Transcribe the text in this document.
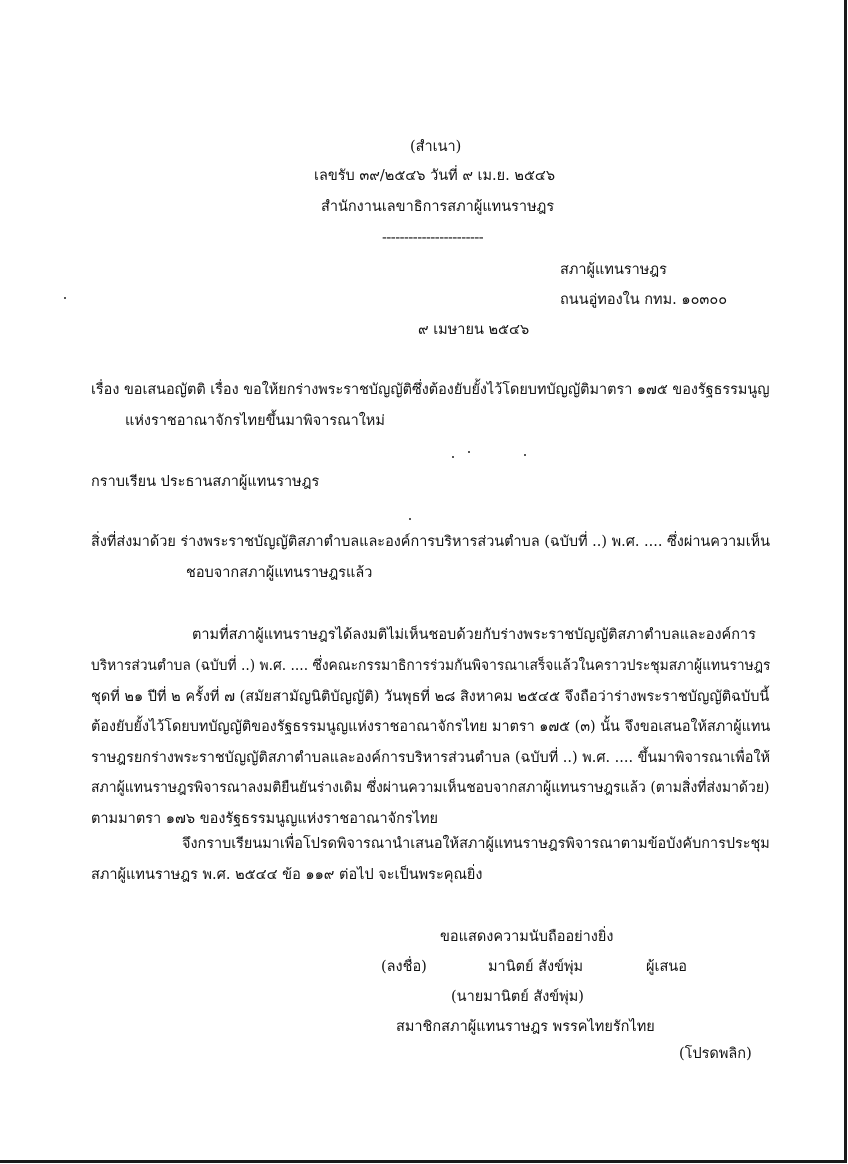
(สำเนา)
เลขรับ ๓๙/๒๕๔๖ วันที่ ๙ เม.ย. ๒๕๔๖
สำนักงานเลขาธิการสภาผู้แทนราษฎร
-----------------------
สภาผู้แทนราษฎร
ถนนอู่ทองใน กทม. ๑๐๓๐๐
๙ เมษายน ๒๕๔๖
เรื่อง ขอเสนอญัตติ เรื่อง ขอให้ยกร่างพระราชบัญญัติซึ่งต้องยับยั้งไว้โดยบทบัญญัติมาตรา ๑๗๕ ของรัฐธรรมนูญ
แห่งราชอาณาจักรไทยขึ้นมาพิจารณาใหม่
กราบเรียน ประธานสภาผู้แทนราษฎร
สิ่งที่ส่งมาด้วย ร่างพระราชบัญญัติสภาตำบลและองค์การบริหารส่วนตำบล (ฉบับที่ ..) พ.ศ. .... ซึ่งผ่านความเห็น
ชอบจากสภาผู้แทนราษฎรแล้ว
ตามที่สภาผู้แทนราษฎรได้ลงมติไม่เห็นชอบด้วยกับร่างพระราชบัญญัติสภาตำบลและองค์การ
บริหารส่วนตำบล (ฉบับที่ ..) พ.ศ. .... ซึ่งคณะกรรมาธิการร่วมกันพิจารณาเสร็จแล้วในคราวประชุมสภาผู้แทนราษฎร
ชุดที่ ๒๑ ปีที่ ๒ ครั้งที่ ๗ (สมัยสามัญนิติบัญญัติ) วันพุธที่ ๒๘ สิงหาคม ๒๕๔๕ จึงถือว่าร่างพระราชบัญญัติฉบับนี้
ต้องยับยั้งไว้โดยบทบัญญัติของรัฐธรรมนูญแห่งราชอาณาจักรไทย มาตรา ๑๗๕ (๓) นั้น จึงขอเสนอให้สภาผู้แทน
ราษฎรยกร่างพระราชบัญญัติสภาตำบลและองค์การบริหารส่วนตำบล (ฉบับที่ ..) พ.ศ. .... ขึ้นมาพิจารณาเพื่อให้
สภาผู้แทนราษฎรพิจารณาลงมติยืนยันร่างเดิม ซึ่งผ่านความเห็นชอบจากสภาผู้แทนราษฎรแล้ว (ตามสิ่งที่ส่งมาด้วย)
ตามมาตรา ๑๗๖ ของรัฐธรรมนูญแห่งราชอาณาจักรไทย
จึงกราบเรียนมาเพื่อโปรดพิจารณานำเสนอให้สภาผู้แทนราษฎรพิจารณาตามข้อบังคับการประชุม
สภาผู้แทนราษฎร พ.ศ. ๒๕๔๔ ข้อ ๑๑๙ ต่อไป จะเป็นพระคุณยิ่ง
ขอแสดงความนับถืออย่างยิ่ง
(ลงชื่อ)	มานิตย์ สังข์พุ่ม	ผู้เสนอ
(นายมานิตย์ สังข์พุ่ม)
สมาชิกสภาผู้แทนราษฎร พรรคไทยรักไทย
(โปรดพลิก)
